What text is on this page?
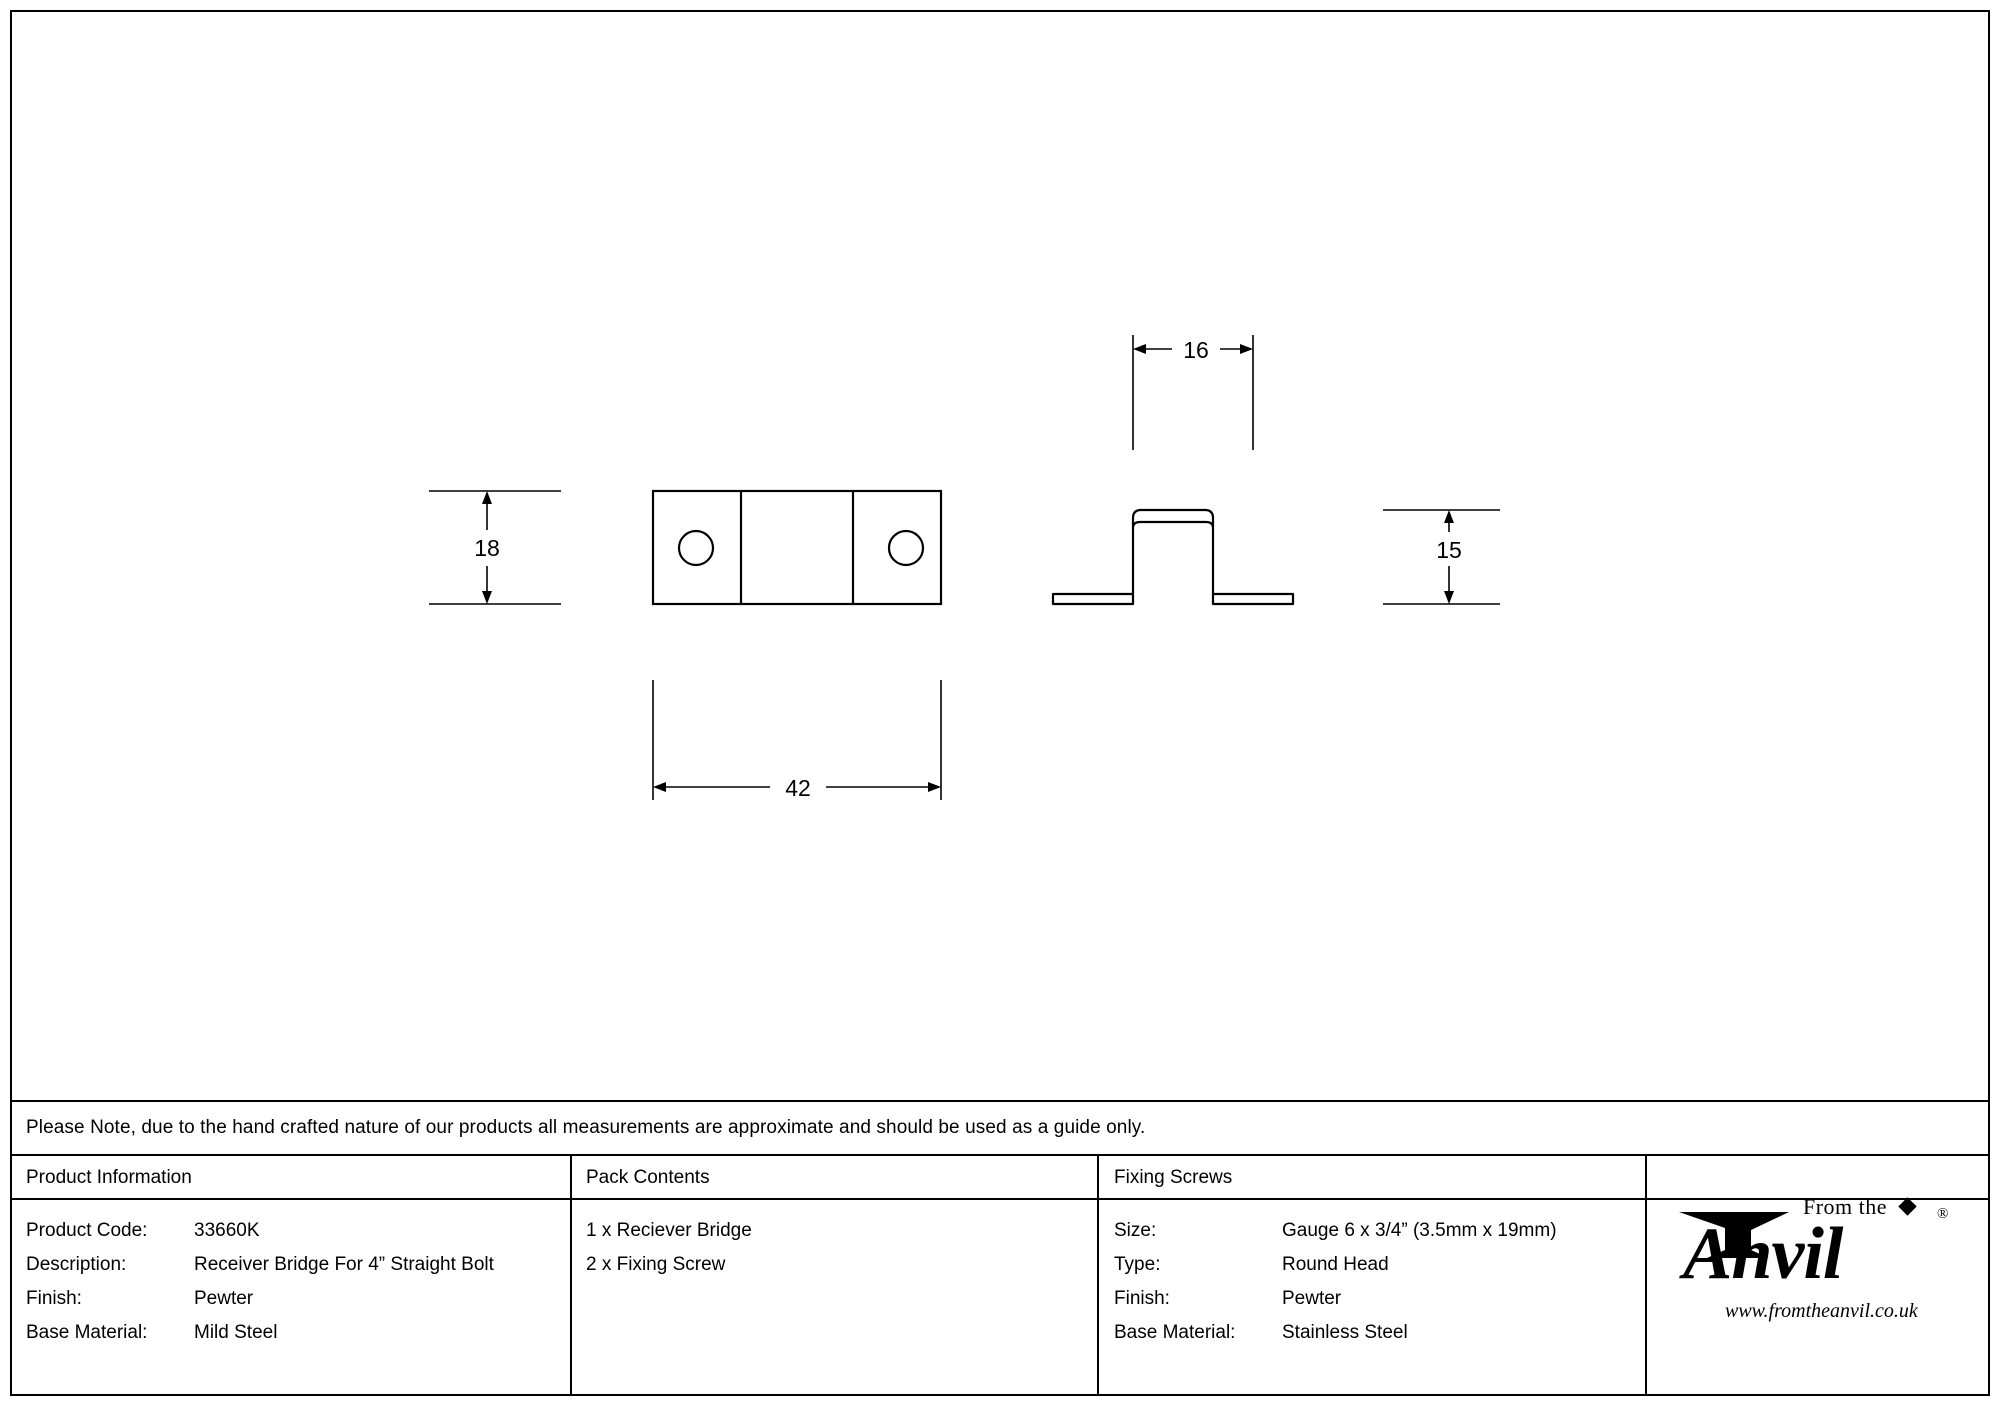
18
42
16
15
Please Note, due to the hand crafted nature of our products all measurements are approximate and should be used as a guide only.
Product Information	Pack Contents	Fixing Screws
Product Code:	33660K
Description:	Receiver Bridge For 4” Straight Bolt
Finish:	Pewter
Base Material:	Mild Steel
1 x Reciever Bridge
2 x Fixing Screw
Size:	Gauge 6 x 3/4” (3.5mm x 19mm)
Type:	Round Head
Finish:	Pewter
Base Material:	Stainless Steel
From the
Anvil	®
www.fromtheanvil.co.uk
